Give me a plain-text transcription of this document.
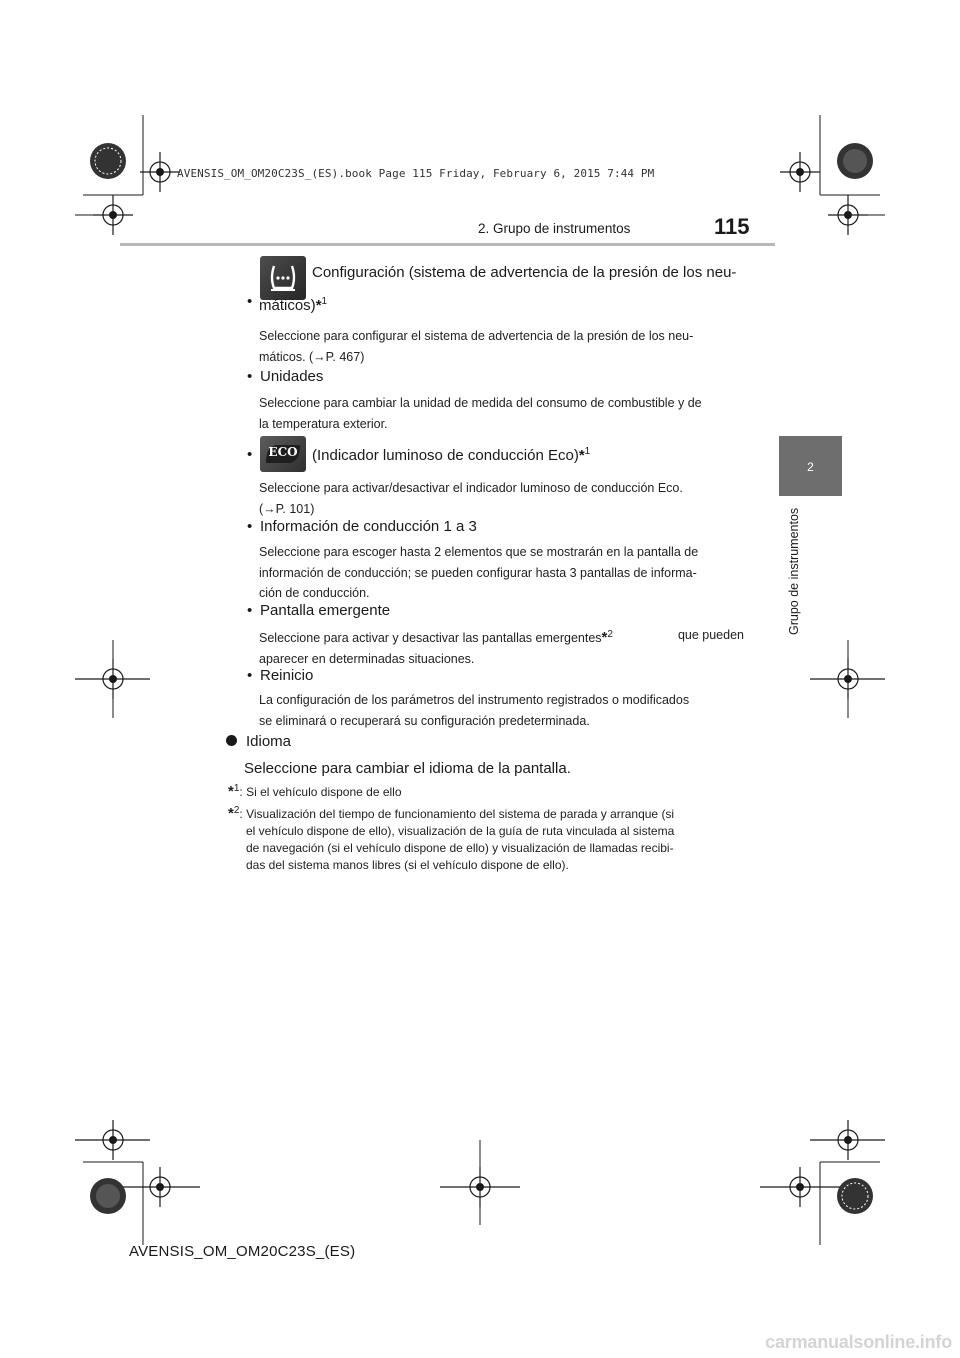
AVENSIS_OM_OM20C23S_(ES).book Page 115 Friday, February 6, 2015 7:44 PM
2. Grupo de instrumentos	115
2
Grupo de instrumentos
•
Configuración (sistema de advertencia de la presión de los neu-
máticos)*$^1$
Seleccione para configurar el sistema de advertencia de la presión de los neu-
máticos. (→P. 467)
• Unidades
Seleccione para cambiar la unidad de medida del consumo de combustible y de
la temperatura exterior.
•	ECO (Indicador luminoso de conducción Eco)*$^1$
Seleccione para activar/desactivar el indicador luminoso de conducción Eco.
(→P. 101)
• Información de conducción 1 a 3
Seleccione para escoger hasta 2 elementos que se mostrarán en la pantalla de
información de conducción; se pueden configurar hasta 3 pantallas de informa-
ción de conducción.
• Pantalla emergente
Seleccione para activar y desactivar las pantallas emergentes*$^2$	que pueden
aparecer en determinadas situaciones.
• Reinicio
La configuración de los parámetros del instrumento registrados o modificados
se eliminará o recuperará su configuración predeterminada.
Idioma
Seleccione para cambiar el idioma de la pantalla.
*$^1$: Si el vehículo dispone de ello
*$^2$: Visualización del tiempo de funcionamiento del sistema de parada y arranque (si
el vehículo dispone de ello), visualización de la guía de ruta vinculada al sistema
de navegación (si el vehículo dispone de ello) y visualización de llamadas recibi-
das del sistema manos libres (si el vehículo dispone de ello).
AVENSIS_OM_OM20C23S_(ES)
carmanualsonline.info
